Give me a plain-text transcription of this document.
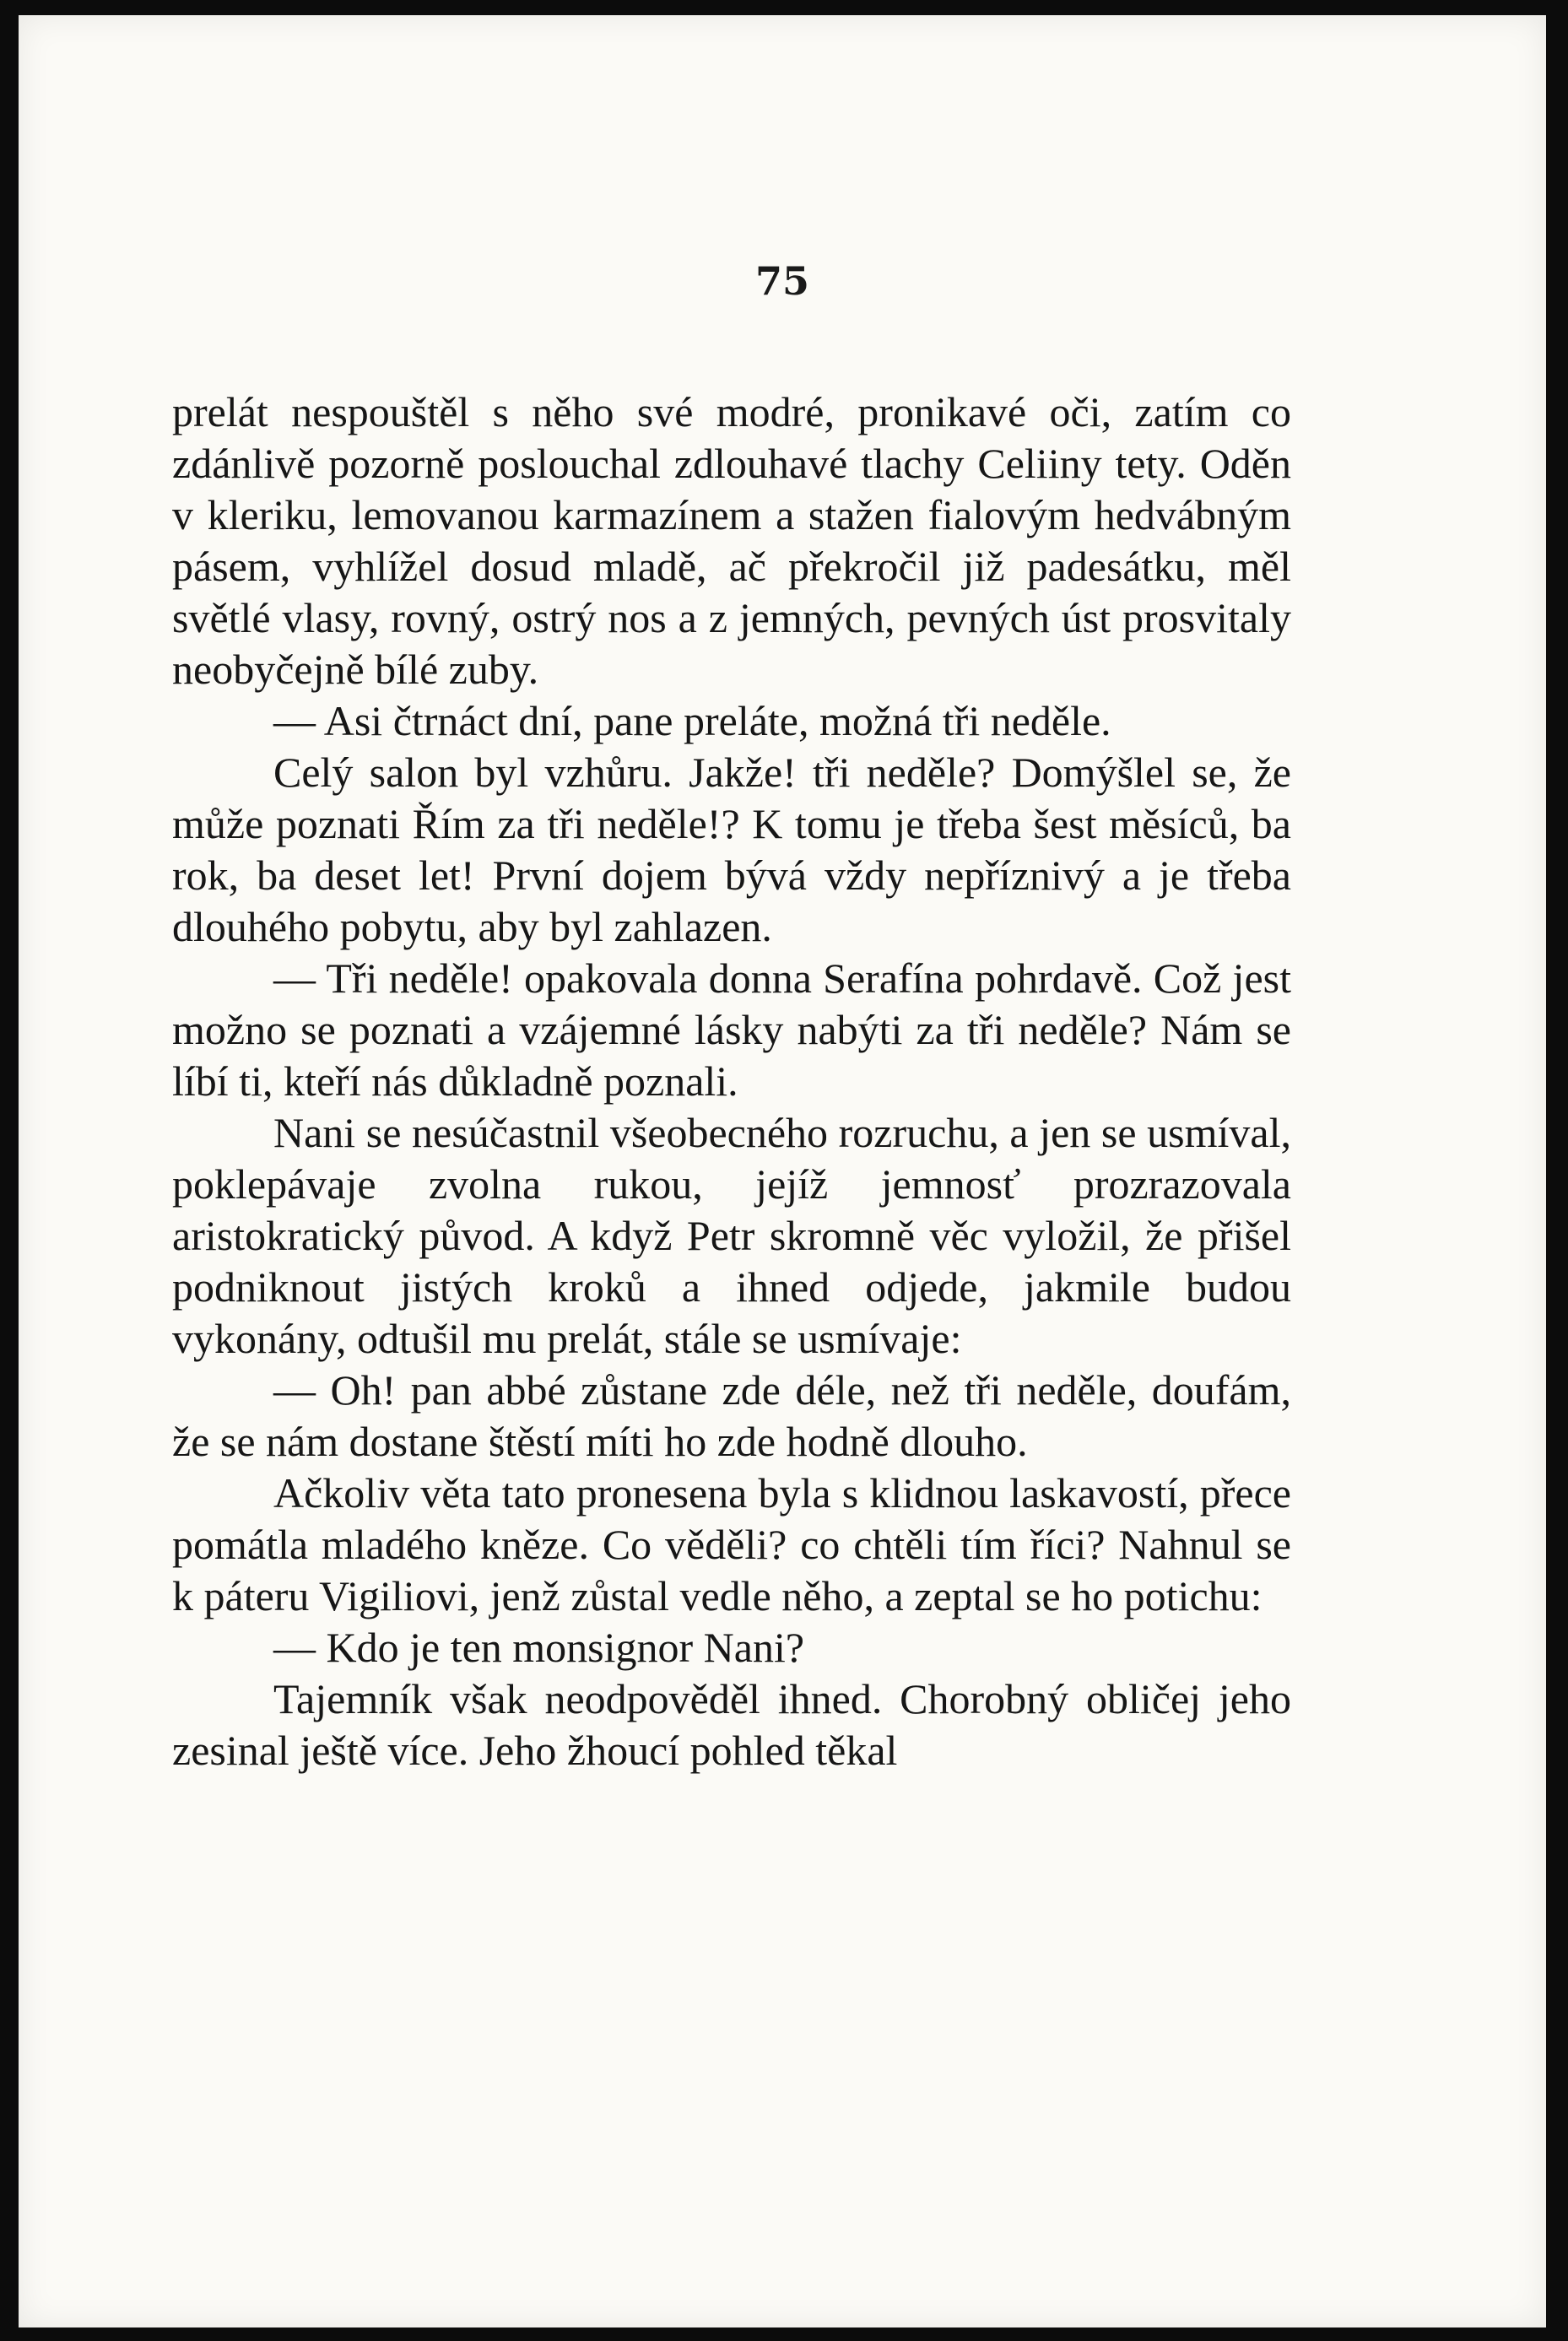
75

prelát nespouštěl s něho své modré, pronikavé oči, zatím co zdánlivě pozorně poslouchal zdlouhavé tlachy Celiiny tety. Oděn v kleriku, lemovanou karmazínem a stažen fialovým hedvábným pásem, vyhlížel dosud mladě, ač překročil již padesátku, měl světlé vlasy, rovný, ostrý nos a z jemných, pevných úst prosvitaly neobyčejně bílé zuby.

— Asi čtrnáct dní, pane preláte, možná tři neděle.

Celý salon byl vzhůru. Jakže! tři neděle? Domýšlel se, že může poznati Řím za tři neděle!? K tomu je třeba šest měsíců, ba rok, ba deset let! První dojem bývá vždy nepříznivý a je třeba dlouhého pobytu, aby byl zahlazen.

— Tři neděle! opakovala donna Serafína pohrdavě. Což jest možno se poznati a vzájemné lásky nabýti za tři neděle? Nám se líbí ti, kteří nás důkladně poznali.

Nani se nesúčastnil všeobecného rozruchu, a jen se usmíval, poklepávaje zvolna rukou, jejíž jemnosť prozrazovala aristokratický původ. A když Petr skromně věc vyložil, že přišel podniknout jistých kroků a ihned odjede, jakmile budou vykonány, odtušil mu prelát, stále se usmívaje:

— Oh! pan abbé zůstane zde déle, než tři neděle, doufám, že se nám dostane štěstí míti ho zde hodně dlouho.

Ačkoliv věta tato pronesena byla s klidnou laskavostí, přece pomátla mladého kněze. Co věděli? co chtěli tím říci? Nahnul se k páteru Vigiliovi, jenž zůstal vedle něho, a zeptal se ho potichu:

— Kdo je ten monsignor Nani?

Tajemník však neodpověděl ihned. Chorobný obličej jeho zesinal ještě více. Jeho žhoucí pohled těkal
